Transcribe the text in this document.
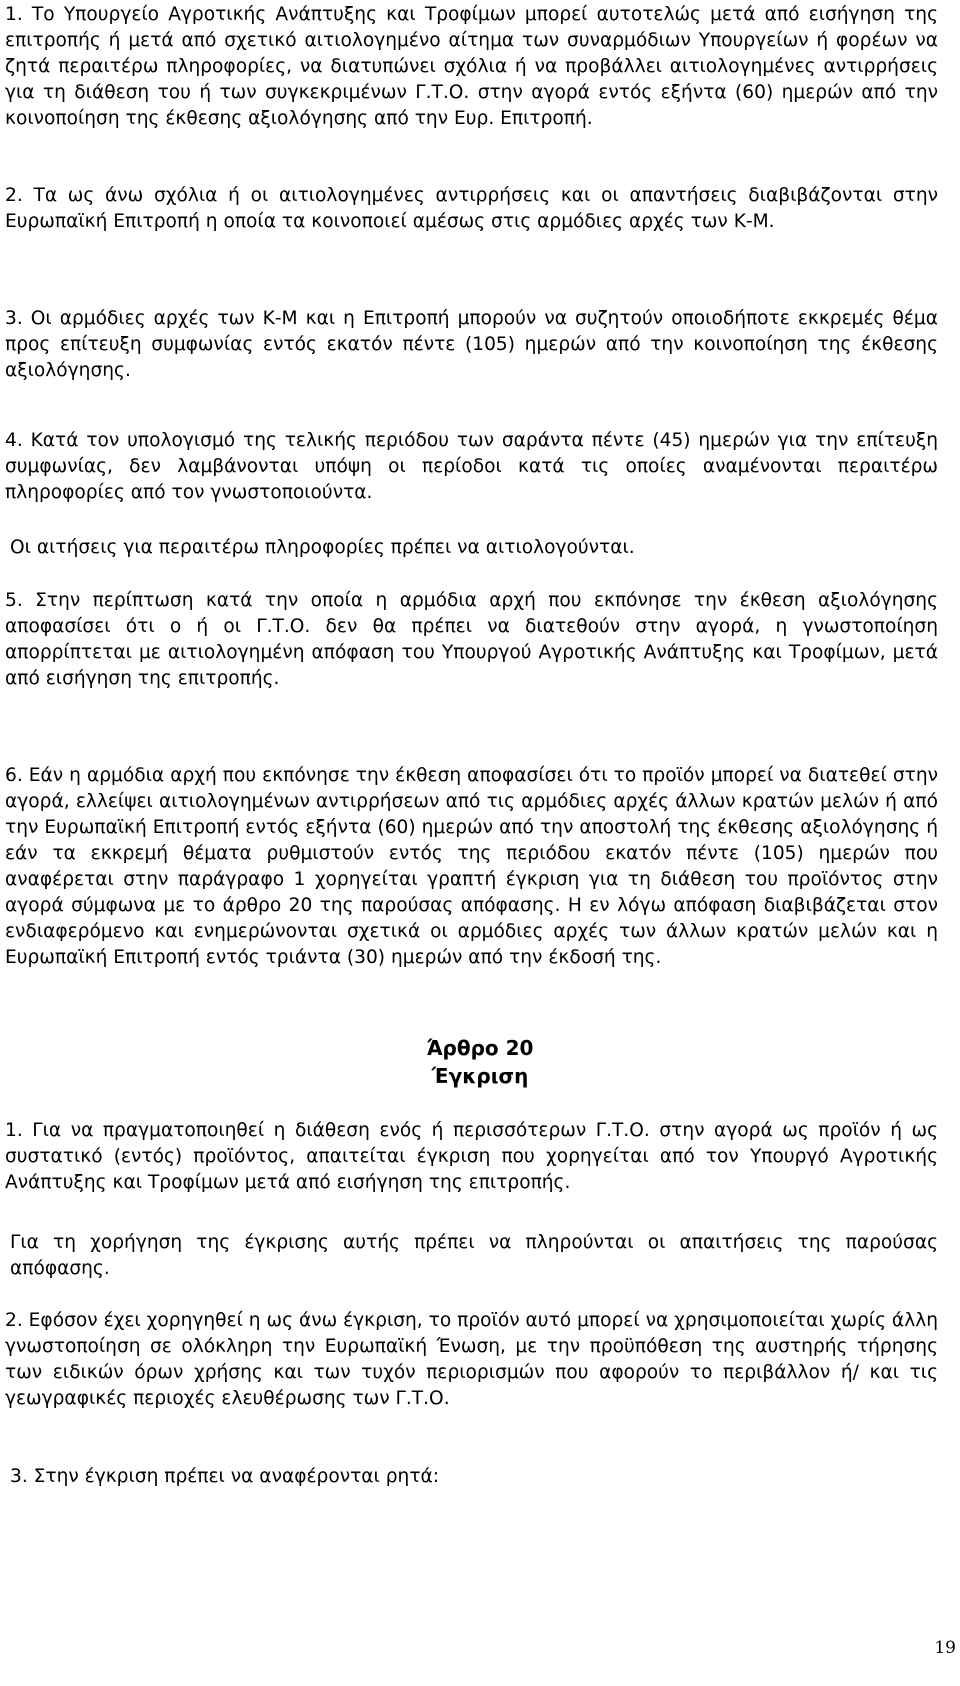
1. Το Υπουργείο Αγροτικής Ανάπτυξης και Τροφίμων μπορεί αυτοτελώς μετά από εισήγηση της επιτροπής ή μετά από σχετικό αιτιολογημένο αίτημα των συναρμόδιων Υπουργείων ή φορέων να ζητά περαιτέρω πληροφορίες, να διατυπώνει σχόλια ή να προβάλλει αιτιολογημένες αντιρρήσεις για τη διάθεση του ή των συγκεκριμένων Γ.Τ.Ο. στην αγορά εντός εξήντα (60) ημερών από την κοινοποίηση της έκθεσης αξιολόγησης από την Ευρ. Επιτροπή.

2. Τα ως άνω σχόλια ή οι αιτιολογημένες αντιρρήσεις και οι απαντήσεις διαβιβάζονται στην Ευρωπαϊκή Επιτροπή η οποία τα κοινοποιεί αμέσως στις αρμόδιες αρχές των Κ-Μ.

3. Οι αρμόδιες αρχές των Κ-Μ και η Επιτροπή μπορούν να συζητούν οποιοδήποτε εκκρεμές θέμα προς επίτευξη συμφωνίας εντός εκατόν πέντε (105) ημερών από την κοινοποίηση της έκθεσης αξιολόγησης.

4. Κατά τον υπολογισμό της τελικής περιόδου των σαράντα πέντε (45) ημερών για την επίτευξη συμφωνίας, δεν λαμβάνονται υπόψη οι περίοδοι κατά τις οποίες αναμένονται περαιτέρω πληροφορίες από τον γνωστοποιούντα.

Οι αιτήσεις για περαιτέρω πληροφορίες πρέπει να αιτιολογούνται.

5. Στην περίπτωση κατά την οποία η αρμόδια αρχή που εκπόνησε την έκθεση αξιολόγησης αποφασίσει ότι ο ή οι Γ.Τ.Ο. δεν θα πρέπει να διατεθούν στην αγορά, η γνωστοποίηση απορρίπτεται με αιτιολογημένη απόφαση του Υπουργού Αγροτικής Ανάπτυξης και Τροφίμων, μετά από εισήγηση της επιτροπής.

6. Εάν η αρμόδια αρχή που εκπόνησε την έκθεση αποφασίσει ότι το προϊόν μπορεί να διατεθεί στην αγορά, ελλείψει αιτιολογημένων αντιρρήσεων από τις αρμόδιες αρχές άλλων κρατών μελών ή από την Ευρωπαϊκή Επιτροπή εντός εξήντα (60) ημερών από την αποστολή της έκθεσης αξιολόγησης ή εάν τα εκκρεμή θέματα ρυθμιστούν εντός της περιόδου εκατόν πέντε (105) ημερών που αναφέρεται στην παράγραφο 1 χορηγείται γραπτή έγκριση για τη διάθεση του προϊόντος στην αγορά σύμφωνα με το άρθρο 20 της παρούσας απόφασης. Η εν λόγω απόφαση διαβιβάζεται στον ενδιαφερόμενο και ενημερώνονται σχετικά οι αρμόδιες αρχές των άλλων κρατών μελών και η Ευρωπαϊκή Επιτροπή εντός τριάντα (30) ημερών από την έκδοσή της.

Άρθρο 20

Έγκριση

1. Για να πραγματοποιηθεί η διάθεση ενός ή περισσότερων Γ.Τ.Ο. στην αγορά ως προϊόν ή ως συστατικό (εντός) προϊόντος, απαιτείται έγκριση που χορηγείται από τον Υπουργό Αγροτικής Ανάπτυξης και Τροφίμων μετά από εισήγηση της επιτροπής.

Για τη χορήγηση της έγκρισης αυτής πρέπει να πληρούνται οι απαιτήσεις της παρούσας απόφασης.

2. Εφόσον έχει χορηγηθεί η ως άνω έγκριση, το προϊόν αυτό μπορεί να χρησιμοποιείται χωρίς άλλη γνωστοποίηση σε ολόκληρη την Ευρωπαϊκή Ένωση, με την προϋπόθεση της αυστηρής τήρησης των ειδικών όρων χρήσης και των τυχόν περιορισμών που αφορούν το περιβάλλον ή/ και τις γεωγραφικές περιοχές ελευθέρωσης των Γ.Τ.Ο.

3. Στην έγκριση πρέπει να αναφέρονται ρητά:

19
